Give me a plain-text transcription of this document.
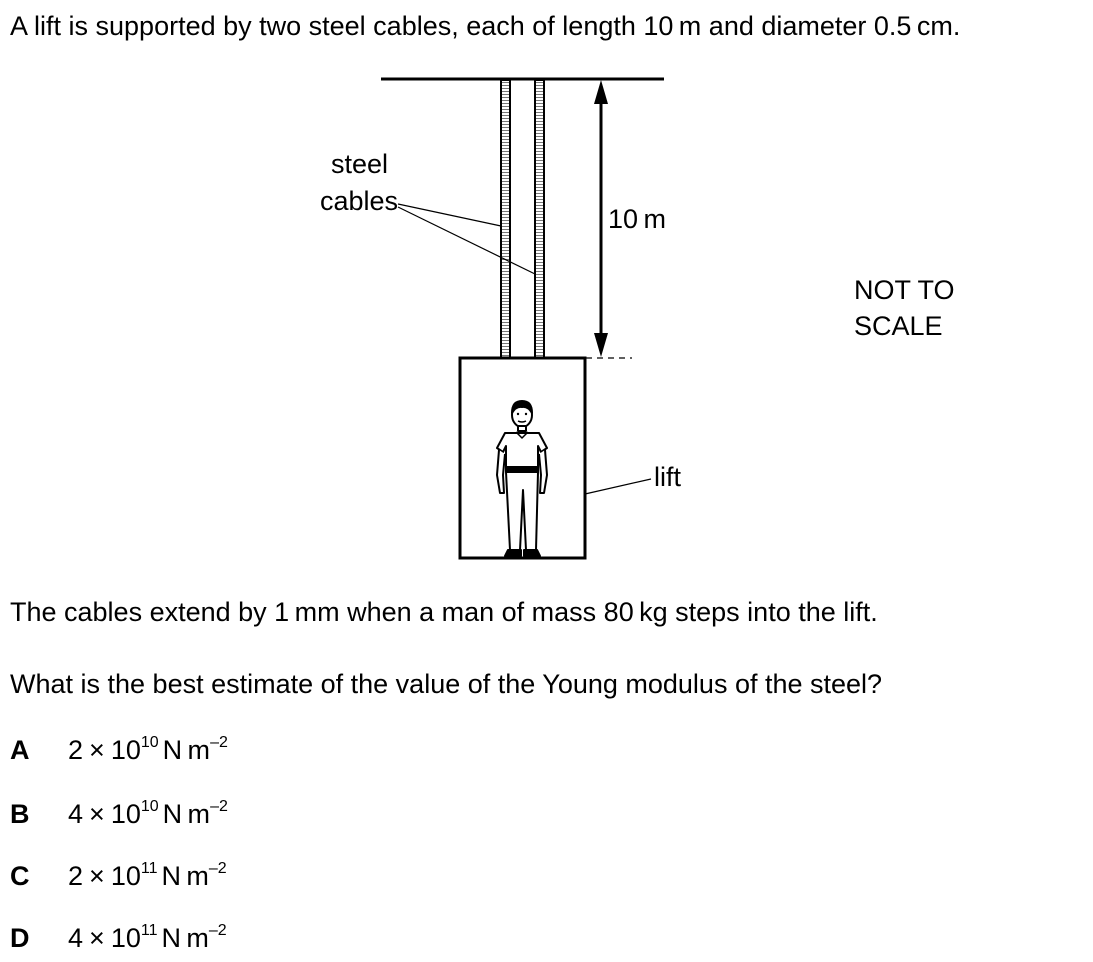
A lift is supported by two steel cables, each of length 10 m and diameter 0.5 cm.
steel
cables
10 m
NOT TO
SCALE
lift
The cables extend by 1 mm when a man of mass 80 kg steps into the lift.
What is the best estimate of the value of the Young modulus of the steel?
A $2 \times 10^{10}$ N $m^{-2}$
B $4 \times 10^{10}$ N $m^{-2}$
C $2 \times 10^{11}$ N $m^{-2}$
D $4 \times 10^{11}$ N $m^{-2}$
